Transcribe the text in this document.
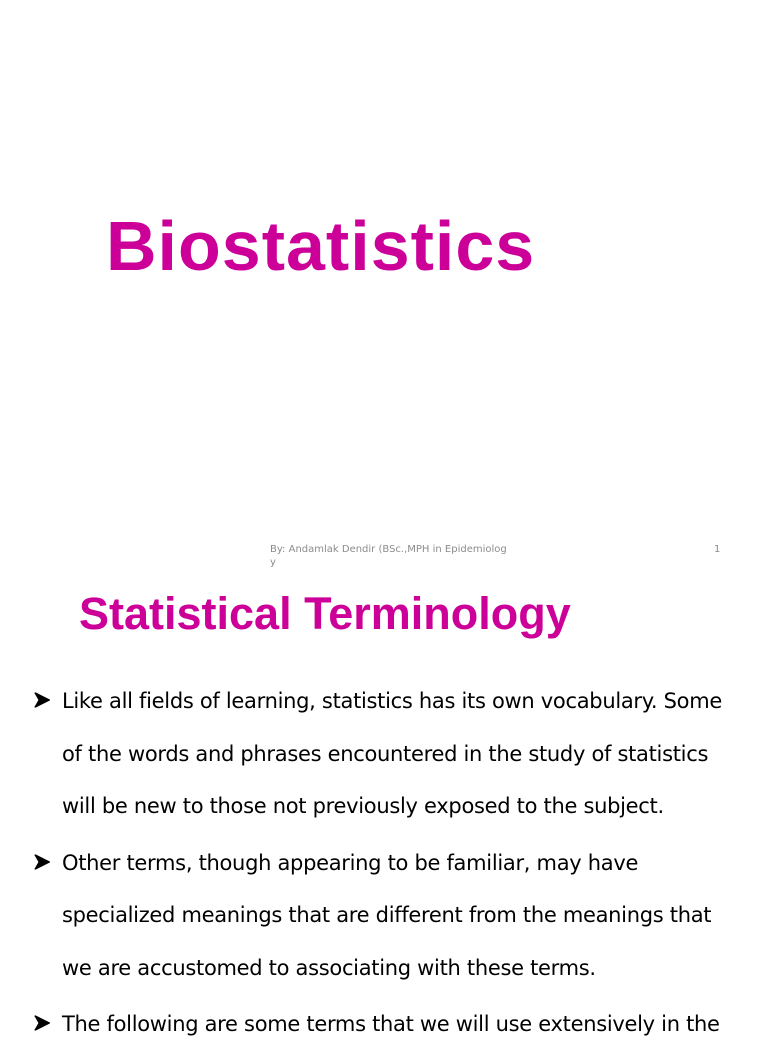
Biostatistics
By: Andamlak Dendir (BSc.,MPH in Epidemiology
1
Statistical Terminology
Like all fields of learning, statistics has its own vocabulary. Some of the words and phrases encountered in the study of statistics will be new to those not previously exposed to the subject.
Other terms, though appearing to be familiar, may have specialized meanings that are different from the meanings that we are accustomed to associating with these terms.
The following are some terms that we will use extensively in the
